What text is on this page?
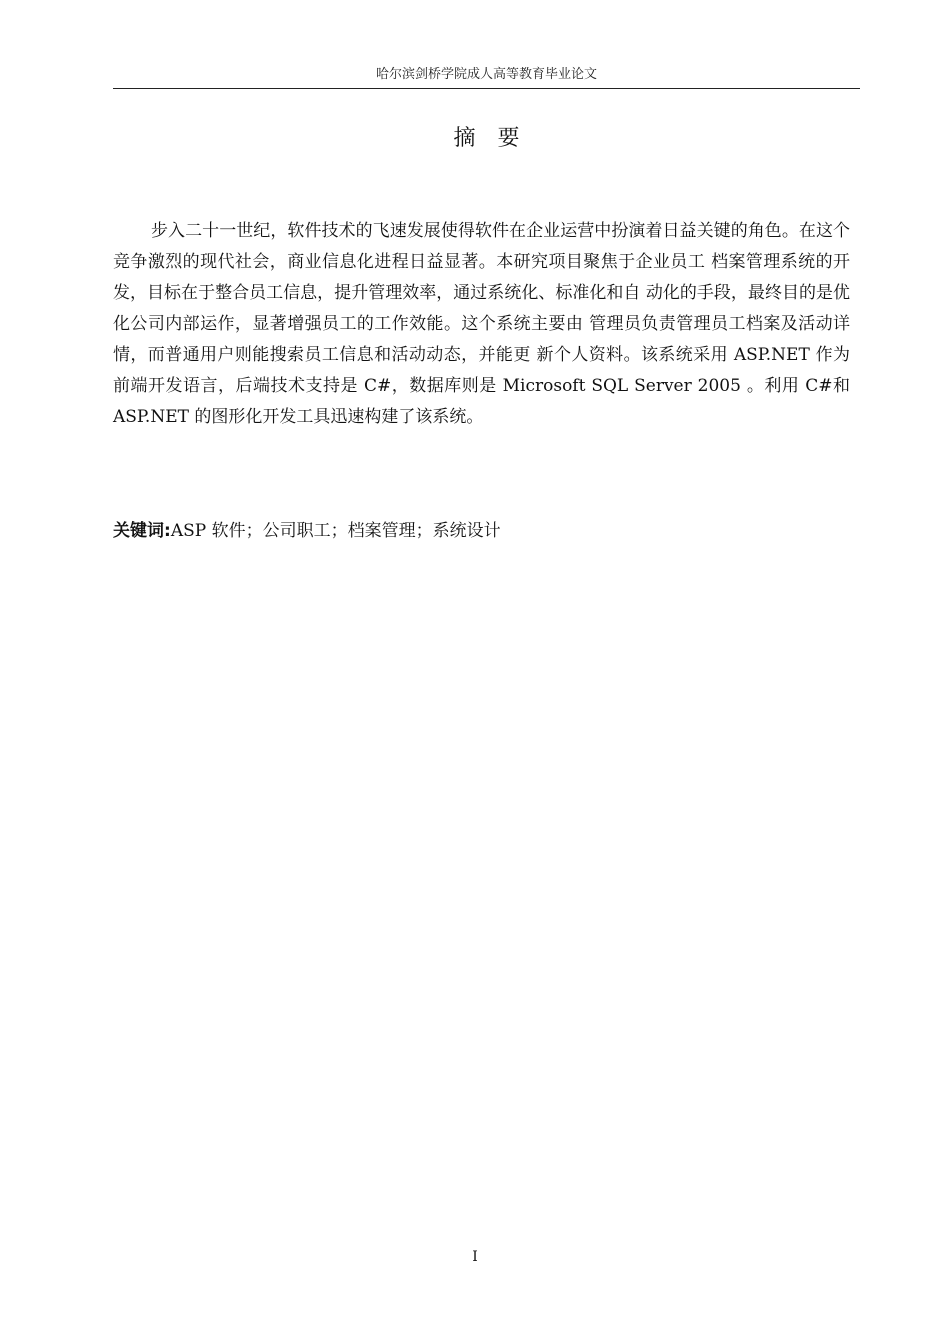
哈尔滨剑桥学院成人高等教育毕业论文
摘要

步入二十一世纪，软件技术的飞速发展使得软件在企业运营中扮演着日益关键的角色。在这个竞争激烈的现代社会，商业信息化进程日益显著。本研究项目聚焦于企业员工 档案管理系统的开发，目标在于整合员工信息，提升管理效率，通过系统化、标准化和自 动化的手段，最终目的是优化公司内部运作，显著增强员工的工作效能。这个系统主要由 管理员负责管理员工档案及活动详情，而普通用户则能搜索员工信息和活动动态，并能更 新个人资料。该系统采用 ASP.NET 作为前端开发语言，后端技术支持是 C#，数据库则是 Microsoft SQL Server 2005 。利用 C#和 ASP.NET 的图形化开发工具迅速构建了该系统。

关键词:ASP 软件；公司职工；档案管理；系统设计

I
